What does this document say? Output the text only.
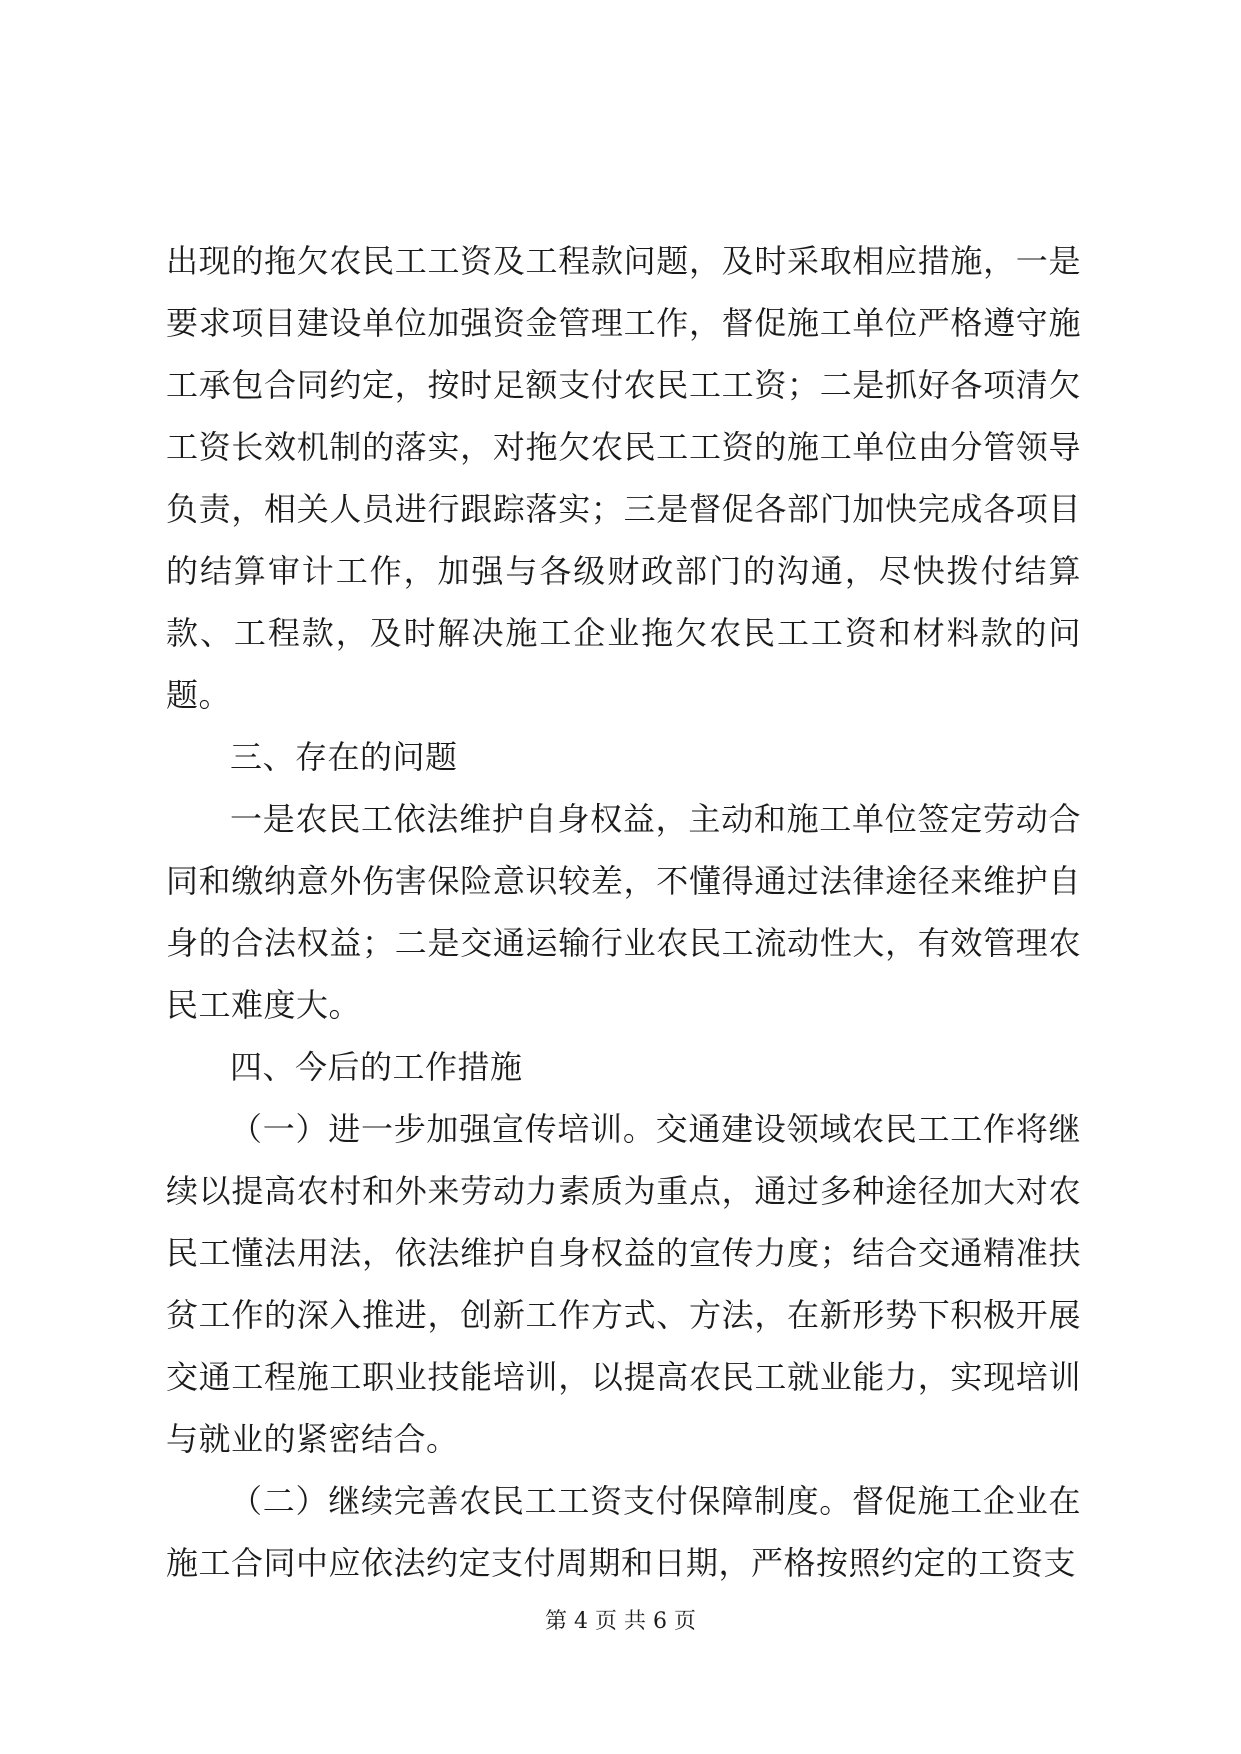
出现的拖欠农民工工资及工程款问题，及时采取相应措施，一是要求项目建设单位加强资金管理工作，督促施工单位严格遵守施工承包合同约定，按时足额支付农民工工资；二是抓好各项清欠工资长效机制的落实，对拖欠农民工工资的施工单位由分管领导负责，相关人员进行跟踪落实；三是督促各部门加快完成各项目的结算审计工作，加强与各级财政部门的沟通，尽快拨付结算款、工程款，及时解决施工企业拖欠农民工工资和材料款的问题。

三、存在的问题

一是农民工依法维护自身权益，主动和施工单位签定劳动合同和缴纳意外伤害保险意识较差，不懂得通过法律途径来维护自身的合法权益；二是交通运输行业农民工流动性大，有效管理农民工难度大。

四、今后的工作措施

（一）进一步加强宣传培训。交通建设领域农民工工作将继续以提高农村和外来劳动力素质为重点，通过多种途径加大对农民工懂法用法，依法维护自身权益的宣传力度；结合交通精准扶贫工作的深入推进，创新工作方式、方法，在新形势下积极开展交通工程施工职业技能培训，以提高农民工就业能力，实现培训与就业的紧密结合。

（二）继续完善农民工工资支付保障制度。督促施工企业在施工合同中应依法约定支付周期和日期，严格按照约定的工资支

第 4 页 共 6 页
